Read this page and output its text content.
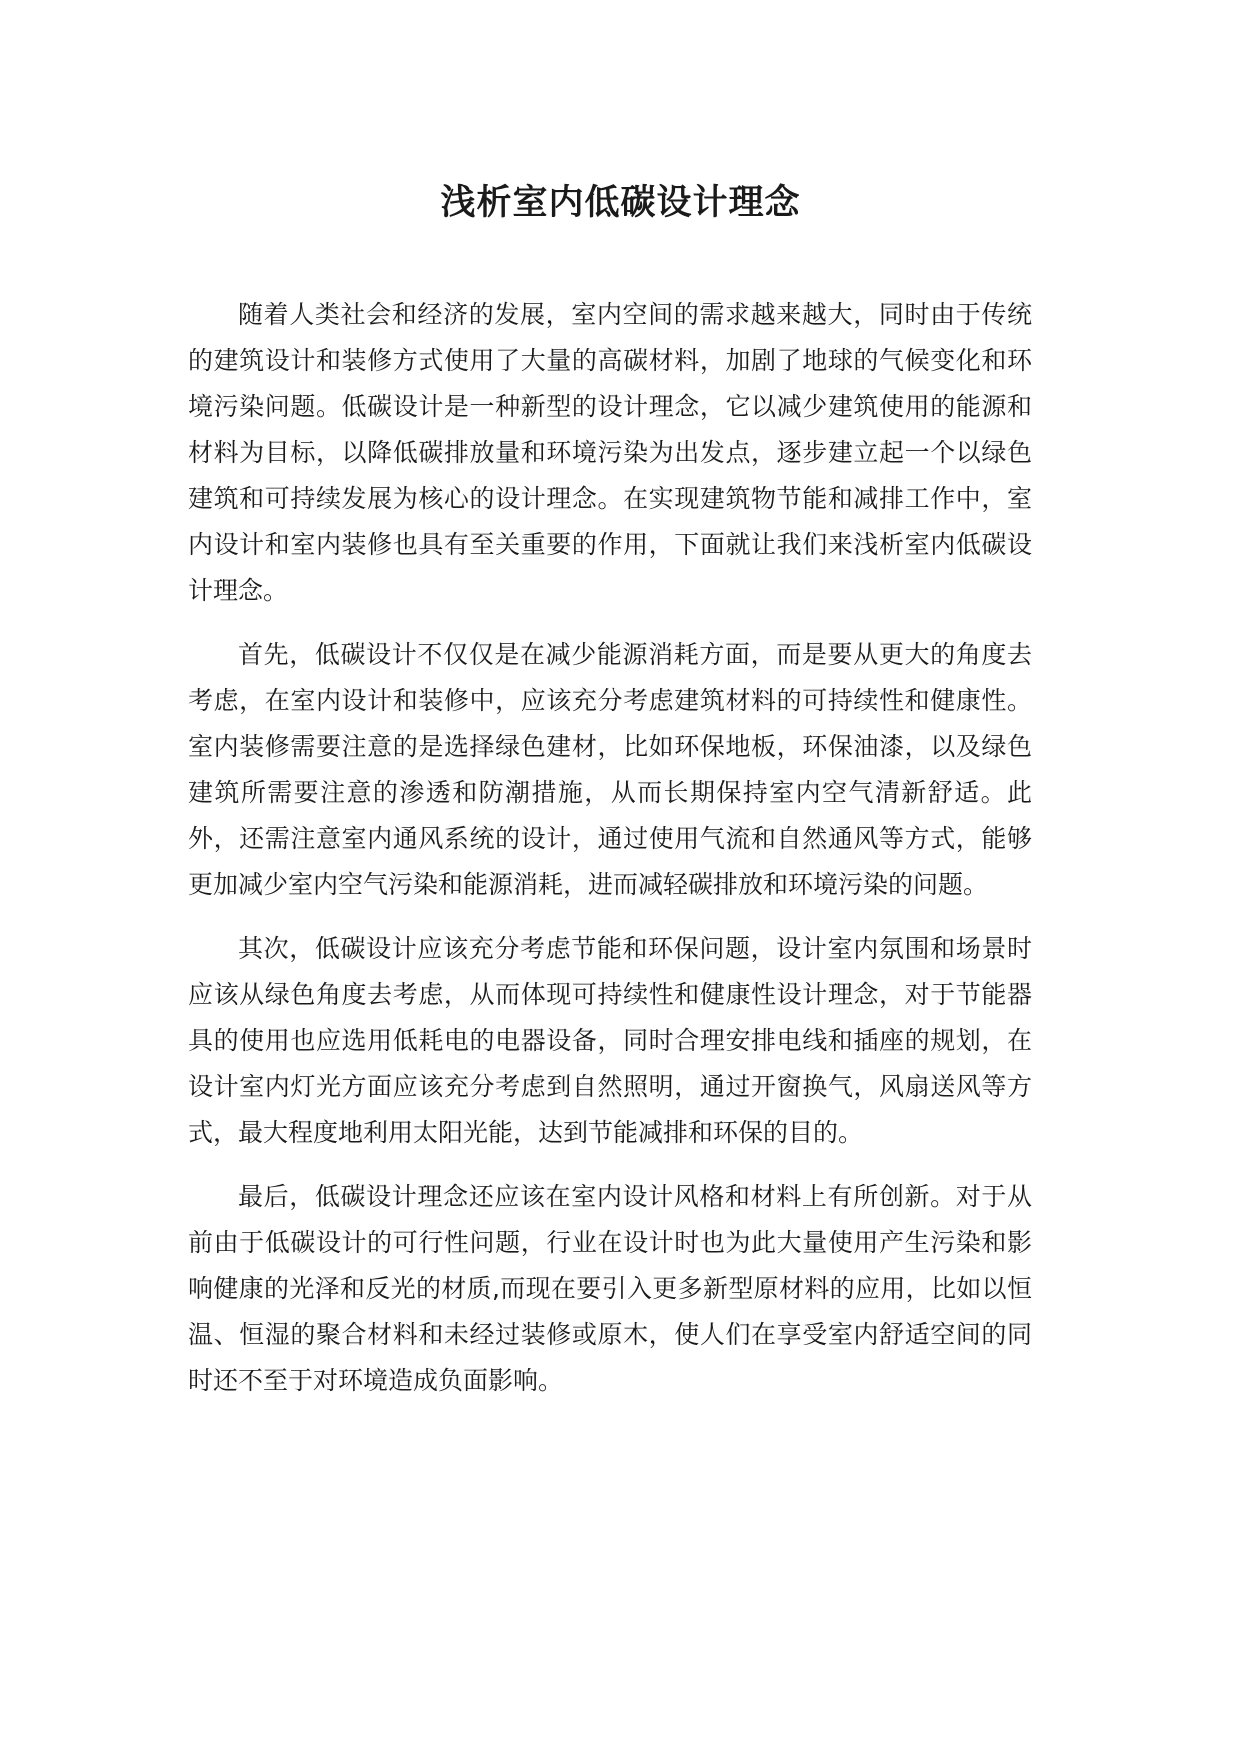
浅析室内低碳设计理念

随着人类社会和经济的发展，室内空间的需求越来越大，同时由于传统的建筑设计和装修方式使用了大量的高碳材料，加剧了地球的气候变化和环境污染问题。低碳设计是一种新型的设计理念，它以减少建筑使用的能源和材料为目标，以降低碳排放量和环境污染为出发点，逐步建立起一个以绿色建筑和可持续发展为核心的设计理念。在实现建筑物节能和减排工作中，室内设计和室内装修也具有至关重要的作用，下面就让我们来浅析室内低碳设计理念。

首先，低碳设计不仅仅是在减少能源消耗方面，而是要从更大的角度去考虑，在室内设计和装修中，应该充分考虑建筑材料的可持续性和健康性。室内装修需要注意的是选择绿色建材，比如环保地板，环保油漆，以及绿色建筑所需要注意的渗透和防潮措施，从而长期保持室内空气清新舒适。此外，还需注意室内通风系统的设计，通过使用气流和自然通风等方式，能够更加减少室内空气污染和能源消耗，进而减轻碳排放和环境污染的问题。

其次，低碳设计应该充分考虑节能和环保问题，设计室内氛围和场景时应该从绿色角度去考虑，从而体现可持续性和健康性设计理念，对于节能器具的使用也应选用低耗电的电器设备，同时合理安排电线和插座的规划，在设计室内灯光方面应该充分考虑到自然照明，通过开窗换气，风扇送风等方式，最大程度地利用太阳光能，达到节能减排和环保的目的。

最后，低碳设计理念还应该在室内设计风格和材料上有所创新。对于从前由于低碳设计的可行性问题，行业在设计时也为此大量使用产生污染和影响健康的光泽和反光的材质,而现在要引入更多新型原材料的应用，比如以恒温、恒湿的聚合材料和未经过装修或原木，使人们在享受室内舒适空间的同时还不至于对环境造成负面影响。
